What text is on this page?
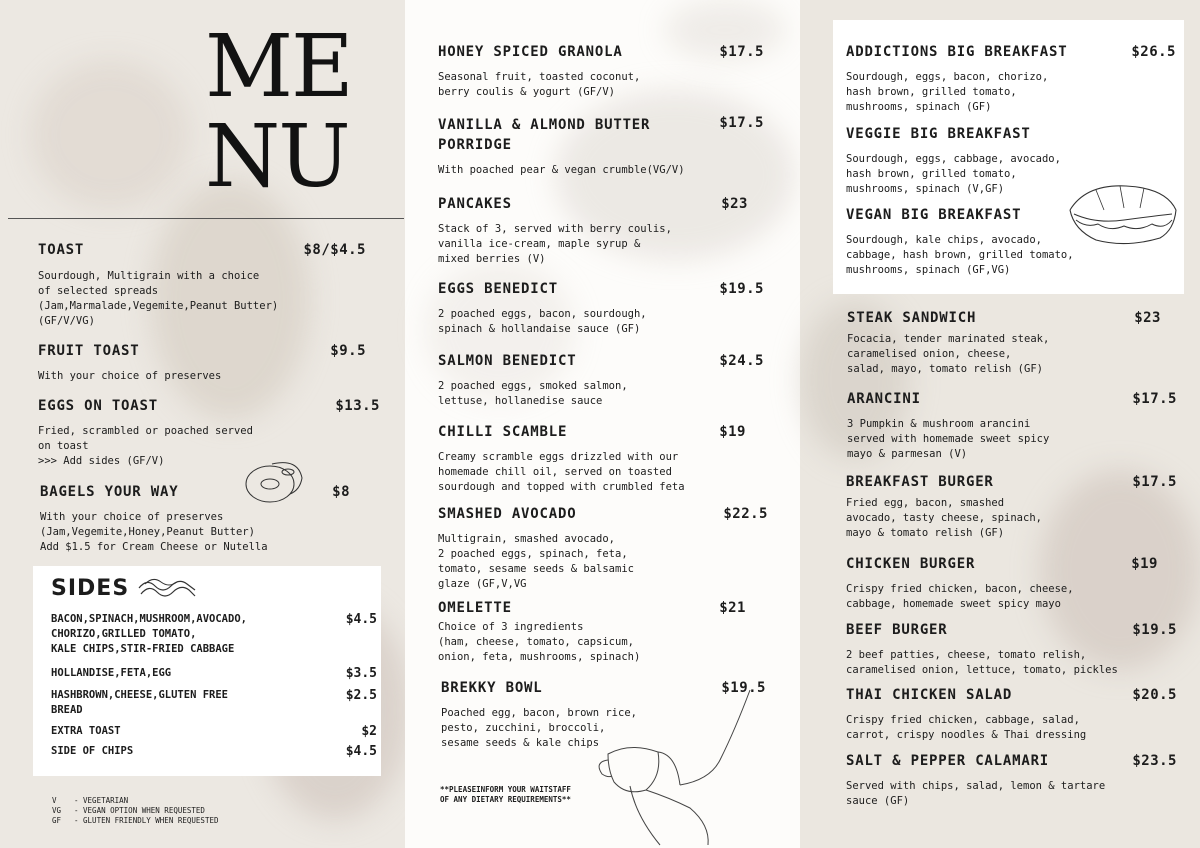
ME
NU
TOAST	$8/$4.5
Sourdough, Multigrain with a choice
of selected spreads
(Jam,Marmalade,Vegemite,Peanut Butter)
(GF/V/VG)
FRUIT TOAST	$9.5
With your choice of preserves
EGGS ON TOAST	$13.5
Fried, scrambled or poached served
on toast
>>> Add sides (GF/V)
BAGELS YOUR WAY	$8
With your choice of preserves
(Jam,Vegemite,Honey,Peanut Butter)
Add $1.5 for Cream Cheese or Nutella
SIDES
BACON,SPINACH,MUSHROOM,AVOCADO,
CHORIZO,GRILLED TOMATO,
KALE CHIPS,STIR-FRIED CABBAGE
$4.5
HOLLANDISE,FETA,EGG	$3.5
HASHBROWN,CHEESE,GLUTEN FREE
BREAD
$2.5
EXTRA TOAST	$2
SIDE OF CHIPS	$4.5
V	- VEGETARIAN
VG	- VEGAN OPTION WHEN REQUESTED
GF	- GLUTEN FRIENDLY WHEN REQUESTED
HONEY SPICED GRANOLA	$17.5
Seasonal fruit, toasted coconut,
berry coulis & yogurt (GF/V)
VANILLA & ALMOND BUTTER
PORRIDGE
$17.5
With poached pear & vegan crumble(VG/V)
PANCAKES	$23
Stack of 3, served with berry coulis,
vanilla ice-cream, maple syrup &
mixed berries (V)
EGGS BENEDICT	$19.5
2 poached eggs, bacon, sourdough,
spinach & hollandaise sauce (GF)
SALMON BENEDICT	$24.5
2 poached eggs, smoked salmon,
lettuse, hollanedise sauce
CHILLI SCAMBLE	$19
Creamy scramble eggs drizzled with our
homemade chill oil, served on toasted
sourdough and topped with crumbled feta
SMASHED AVOCADO	$22.5
Multigrain, smashed avocado,
2 poached eggs, spinach, feta,
tomato, sesame seeds & balsamic
glaze (GF,V,VG
OMELETTE	$21
Choice of 3 ingredients
(ham, cheese, tomato, capsicum,
onion, feta, mushrooms, spinach)
BREKKY BOWL	$19.5
Poached egg, bacon, brown rice,
pesto, zucchini, broccoli,
sesame seeds & kale chips
**PLEASEINFORM YOUR WAITSTAFF
OF ANY DIETARY REQUIREMENTS**
ADDICTIONS BIG BREAKFAST	$26.5
Sourdough, eggs, bacon, chorizo,
hash brown, grilled tomato,
mushrooms, spinach (GF)
VEGGIE BIG BREAKFAST
Sourdough, eggs, cabbage, avocado,
hash brown, grilled tomato,
mushrooms, spinach (V,GF)
VEGAN BIG BREAKFAST
Sourdough, kale chips, avocado,
cabbage, hash brown, grilled tomato,
mushrooms, spinach (GF,VG)
STEAK SANDWICH	$23
Focacia, tender marinated steak,
caramelised onion, cheese,
salad, mayo, tomato relish (GF)
ARANCINI	$17.5
3 Pumpkin & mushroom arancini
served with homemade sweet spicy
mayo & parmesan (V)
BREAKFAST BURGER	$17.5
Fried egg, bacon, smashed
avocado, tasty cheese, spinach,
mayo & tomato relish (GF)
CHICKEN BURGER	$19
Crispy fried chicken, bacon, cheese,
cabbage, homemade sweet spicy mayo
BEEF BURGER	$19.5
2 beef patties, cheese, tomato relish,
caramelised onion, lettuce, tomato, pickles
THAI CHICKEN SALAD	$20.5
Crispy fried chicken, cabbage, salad,
carrot, crispy noodles & Thai dressing
SALT & PEPPER CALAMARI	$23.5
Served with chips, salad, lemon & tartare
sauce (GF)
